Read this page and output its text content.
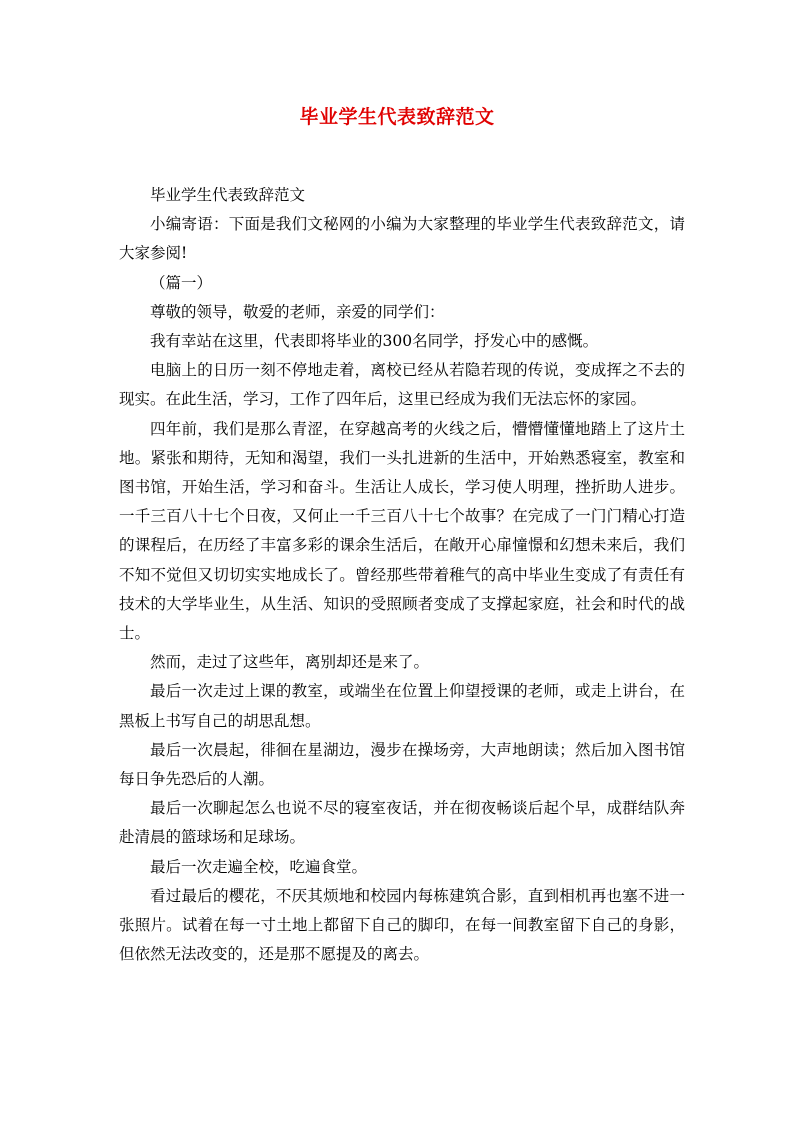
毕业学生代表致辞范文

毕业学生代表致辞范文

小编寄语：下面是我们文秘网的小编为大家整理的毕业学生代表致辞范文，请大家参阅!

（篇一）

尊敬的领导，敬爱的老师，亲爱的同学们：

我有幸站在这里，代表即将毕业的300名同学，抒发心中的感慨。

电脑上的日历一刻不停地走着，离校已经从若隐若现的传说，变成挥之不去的现实。在此生活，学习，工作了四年后，这里已经成为我们无法忘怀的家园。

四年前，我们是那么青涩，在穿越高考的火线之后，懵懵懂懂地踏上了这片土地。紧张和期待，无知和渴望，我们一头扎进新的生活中，开始熟悉寝室，教室和图书馆，开始生活，学习和奋斗。生活让人成长，学习使人明理，挫折助人进步。一千三百八十七个日夜，又何止一千三百八十七个故事？在完成了一门门精心打造的课程后，在历经了丰富多彩的课余生活后，在敞开心扉憧憬和幻想未来后，我们不知不觉但又切切实实地成长了。曾经那些带着稚气的高中毕业生变成了有责任有技术的大学毕业生，从生活、知识的受照顾者变成了支撑起家庭，社会和时代的战士。

然而，走过了这些年，离别却还是来了。

最后一次走过上课的教室，或端坐在位置上仰望授课的老师，或走上讲台，在黑板上书写自己的胡思乱想。

最后一次晨起，徘徊在星湖边，漫步在操场旁，大声地朗读；然后加入图书馆每日争先恐后的人潮。

最后一次聊起怎么也说不尽的寝室夜话，并在彻夜畅谈后起个早，成群结队奔赴清晨的篮球场和足球场。

最后一次走遍全校，吃遍食堂。

看过最后的樱花，不厌其烦地和校园内每栋建筑合影，直到相机再也塞不进一张照片。试着在每一寸土地上都留下自己的脚印，在每一间教室留下自己的身影，但依然无法改变的，还是那不愿提及的离去。
